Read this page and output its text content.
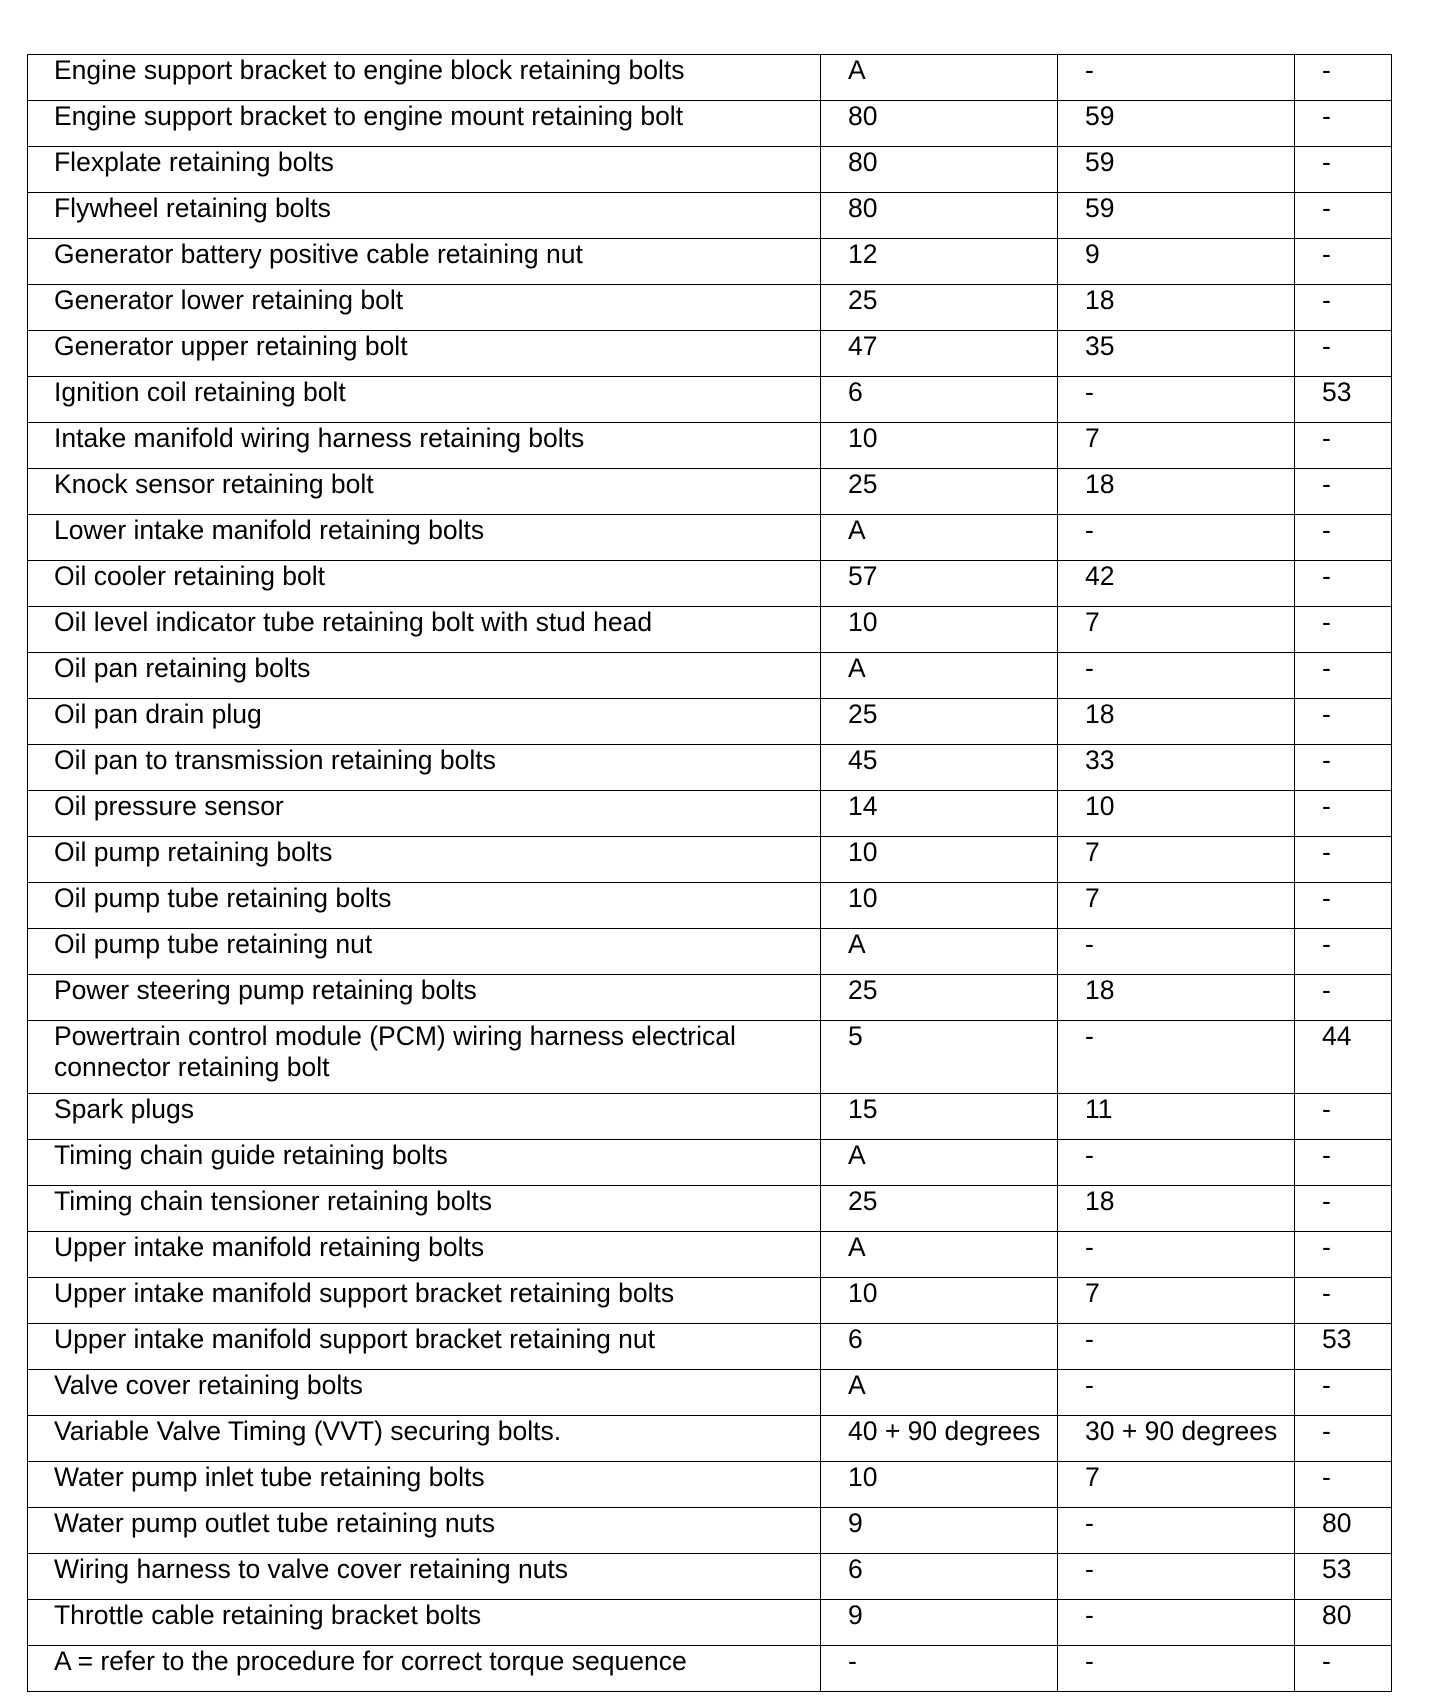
Engine support bracket to engine block retaining bolts	A	-	-
Engine support bracket to engine mount retaining bolt	80	59	-
Flexplate retaining bolts	80	59	-
Flywheel retaining bolts	80	59	-
Generator battery positive cable retaining nut	12	9	-
Generator lower retaining bolt	25	18	-
Generator upper retaining bolt	47	35	-
Ignition coil retaining bolt	6	-	53
Intake manifold wiring harness retaining bolts	10	7	-
Knock sensor retaining bolt	25	18	-
Lower intake manifold retaining bolts	A	-	-
Oil cooler retaining bolt	57	42	-
Oil level indicator tube retaining bolt with stud head	10	7	-
Oil pan retaining bolts	A	-	-
Oil pan drain plug	25	18	-
Oil pan to transmission retaining bolts	45	33	-
Oil pressure sensor	14	10	-
Oil pump retaining bolts	10	7	-
Oil pump tube retaining bolts	10	7	-
Oil pump tube retaining nut	A	-	-
Power steering pump retaining bolts	25	18	-
Powertrain control module (PCM) wiring harness electrical connector retaining bolt	5	-	44
Spark plugs	15	11	-
Timing chain guide retaining bolts	A	-	-
Timing chain tensioner retaining bolts	25	18	-
Upper intake manifold retaining bolts	A	-	-
Upper intake manifold support bracket retaining bolts	10	7	-
Upper intake manifold support bracket retaining nut	6	-	53
Valve cover retaining bolts	A	-	-
Variable Valve Timing (VVT) securing bolts.	40 + 90 degrees	30 + 90 degrees	-
Water pump inlet tube retaining bolts	10	7	-
Water pump outlet tube retaining nuts	9	-	80
Wiring harness to valve cover retaining nuts	6	-	53
Throttle cable retaining bracket bolts	9	-	80
A = refer to the procedure for correct torque sequence	-	-	-
